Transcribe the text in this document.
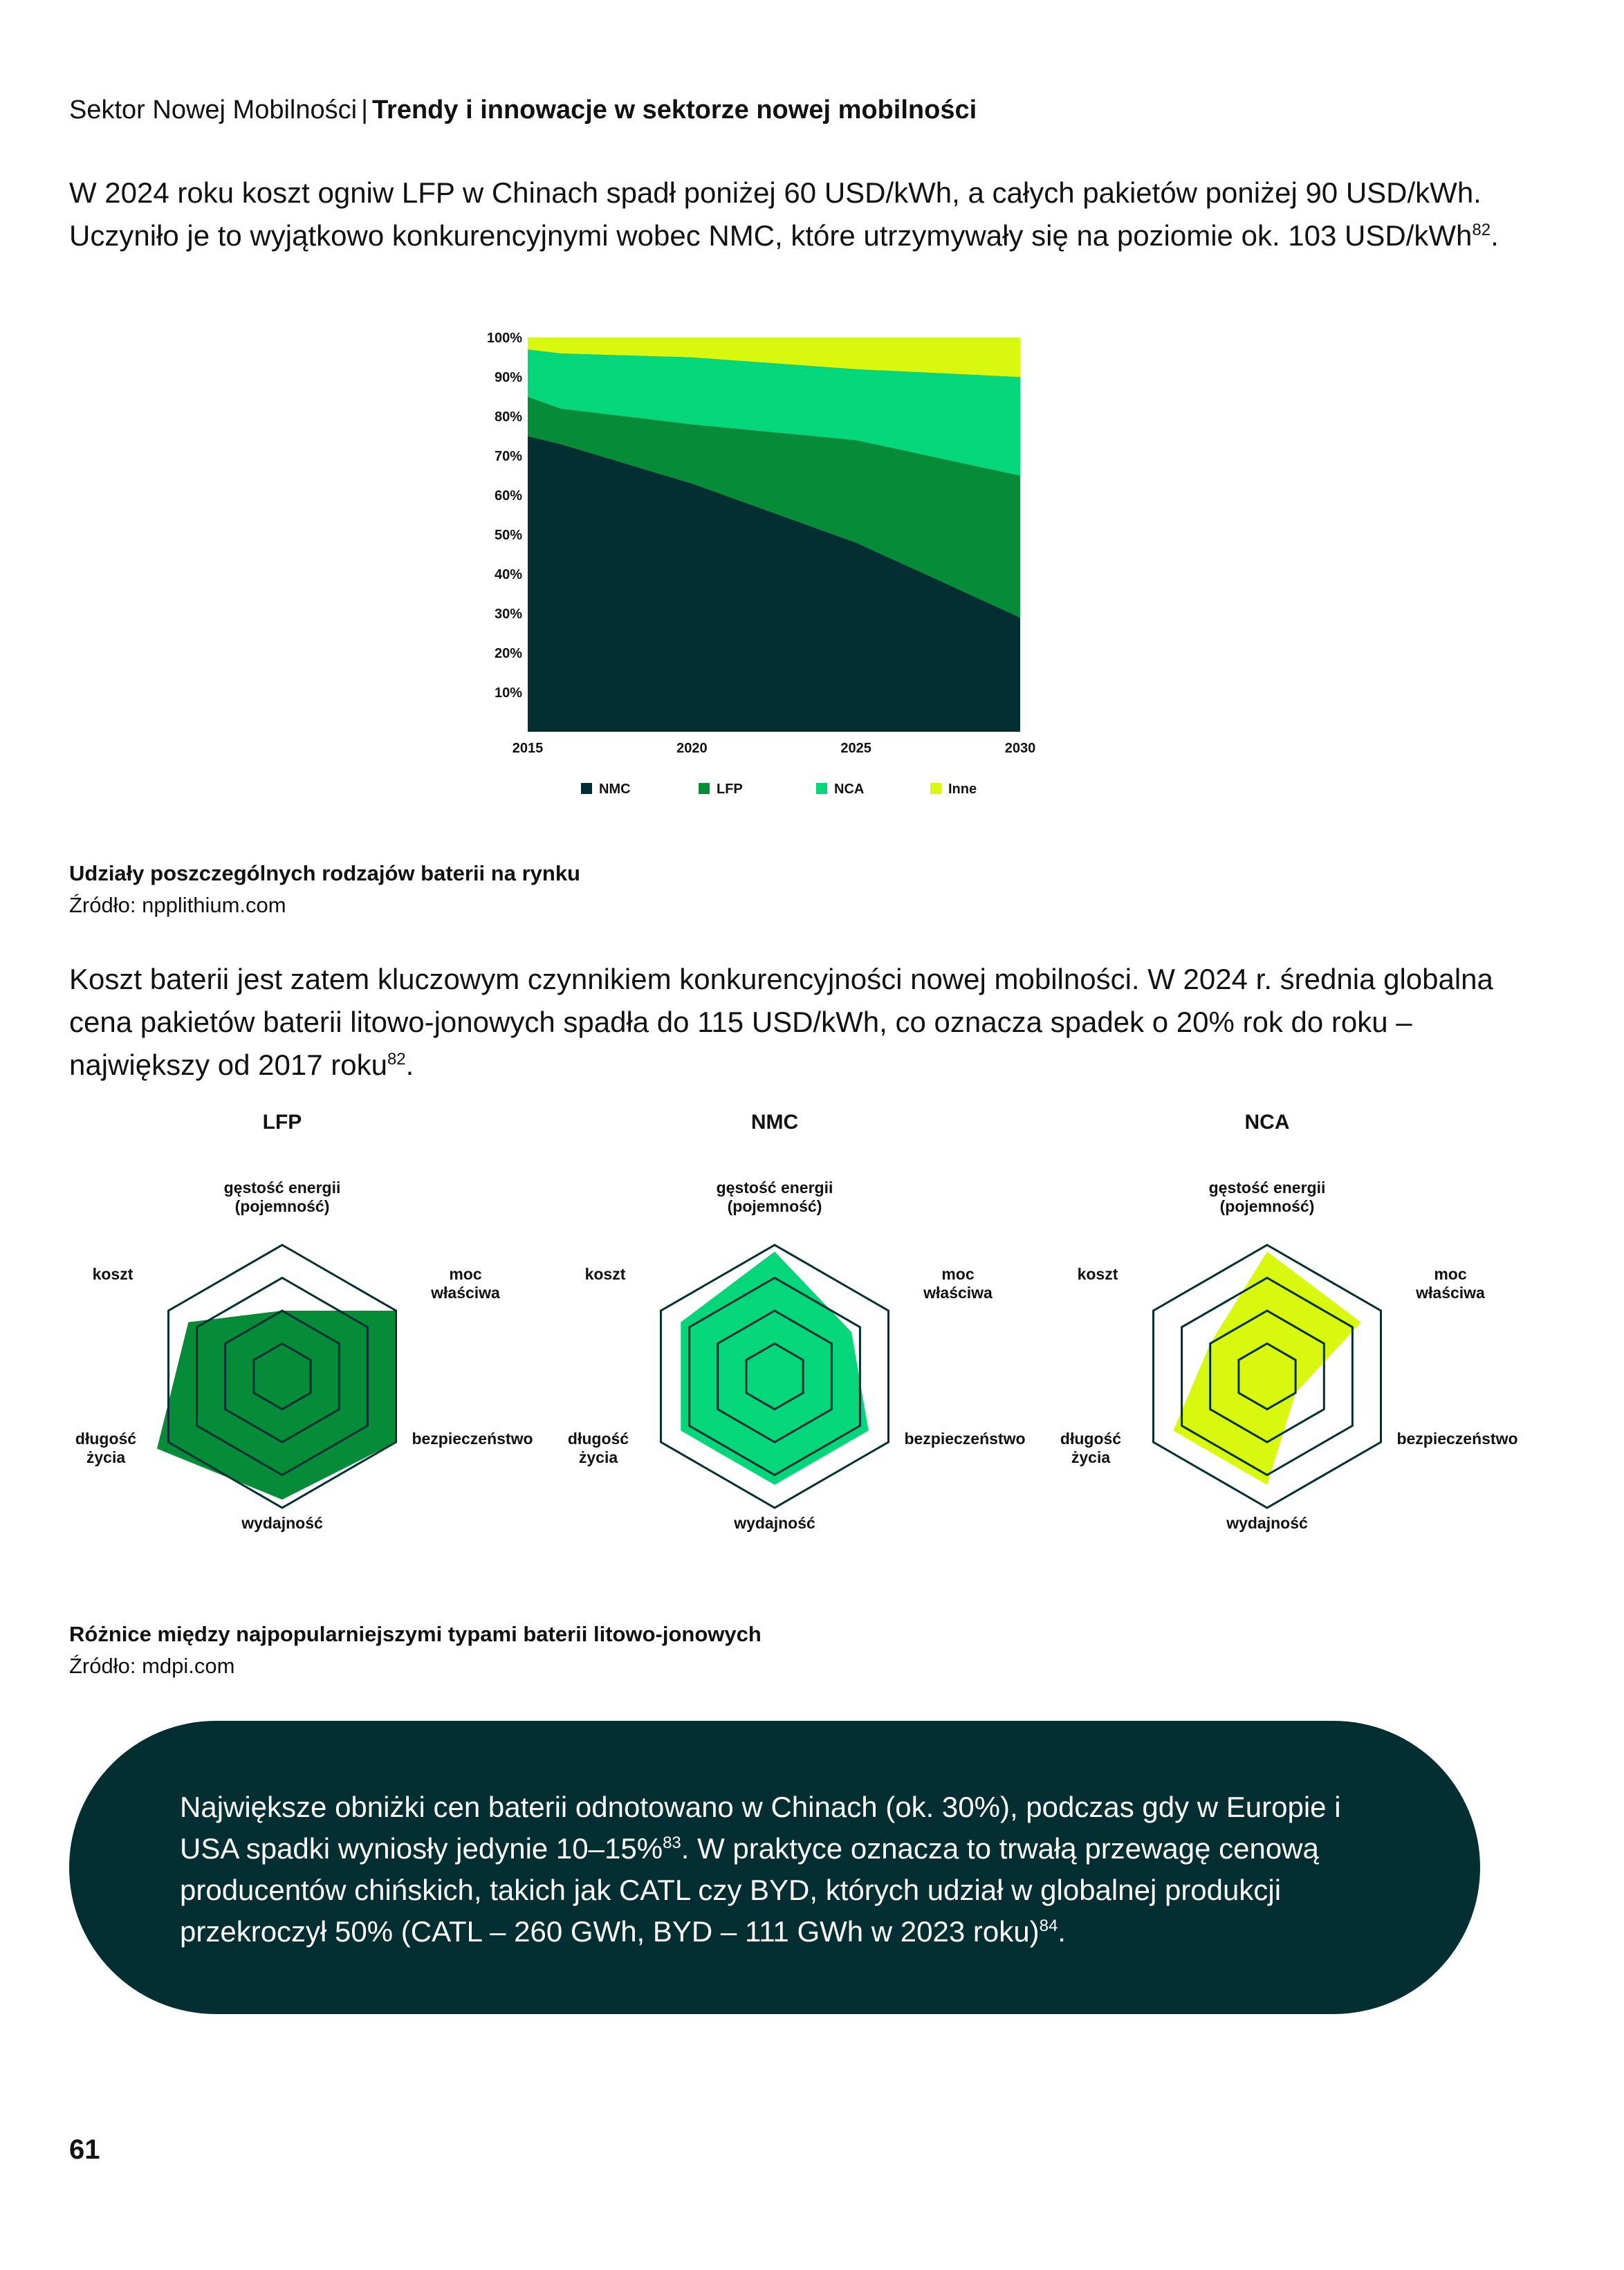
Sektor Nowej Mobilności | Trendy i innowacje w sektorze nowej mobilności
W 2024 roku koszt ogniw LFP w Chinach spadł poniżej 60 USD/kWh, a całych pakietów poniżej 90 USD/kWh. Uczyniło je to wyjątkowo konkurencyjnymi wobec NMC, które utrzymywały się na poziomie ok. 103 USD/kWh$^{82}$.
10%
20%
30%
40%
50%
60%
70%
80%
90%
100%
2015	2020	2025	2030
NMC	LFP	NCA	Inne
Udziały poszczególnych rodzajów baterii na rynku
Źródło: npplithium.com
Koszt baterii jest zatem kluczowym czynnikiem konkurencyjności nowej mobilności. W 2024 r. średnia globalna cena pakietów baterii litowo-jonowych spadła do 115 USD/kWh, co oznacza spadek o 20% rok do roku – największy od 2017 roku$^{82}$.
LFP
gęstość energii (pojemność)
moc właściwa
bezpieczeństwo
wydajność
długość życia
koszt
NMC
gęstość energii (pojemność)
moc właściwa
bezpieczeństwo
wydajność
długość życia
koszt
NCA
gęstość energii (pojemność)
moc właściwa
bezpieczeństwo
wydajność
długość życia
koszt
Różnice między najpopularniejszymi typami baterii litowo-jonowych
Źródło: mdpi.com
Największe obniżki cen baterii odnotowano w Chinach (ok. 30%), podczas gdy w Europie i USA spadki wyniosły jedynie 10–15%$^{83}$. W praktyce oznacza to trwałą przewagę cenową producentów chińskich, takich jak CATL czy BYD, których udział w globalnej produkcji przekroczył 50% (CATL – 260 GWh, BYD – 111 GWh w 2023 roku)$^{84}$.
61
